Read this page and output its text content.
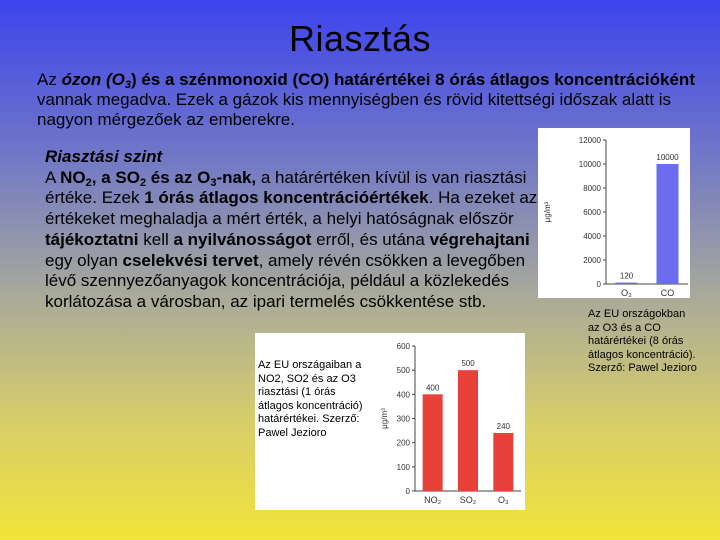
Riasztás
Az ózon $(O_3)$ és a szénmonoxid (CO) határértékei 8 órás átlagos koncentrációként vannak megadva. Ezek a gázok kis mennyiségben és rövid kitettségi időszak alatt is nagyon mérgezőek az emberekre.
Riasztási szint
A $NO_2$, a $SO_2$ és az $O_3$-nak, a határértéken kívül is van riasztási értéke. Ezek 1 órás átlagos koncentrációértékek. Ha ezeket az értékeket meghaladja a mért érték, a helyi hatóságnak először tájékoztatni kell a nyilvánosságot erről, és utána végrehajtani egy olyan cselekvési tervet, amely révén csökken a levegőben lévő szennyezőanyagok koncentrációja, például a közlekedés korlátozása a városban, az ipari termelés csökkentése stb.
0
2000
4000
6000
8000
10000
12000
μg/m³
120
O₃
10000
CO
0
100
200
300
400
500
600
μg/m³
400
NO₂
500
SO₂
240
O₃
Az EU országaiban a NO2, SO2 és az O3 riasztási (1 órás átlagos koncentráció) határértékei. Szerző: Pawel Jezioro
Az EU országokban az O3 és a CO határértékei (8 órás átlagos koncentráció). Szerző: Pawel Jezioro
